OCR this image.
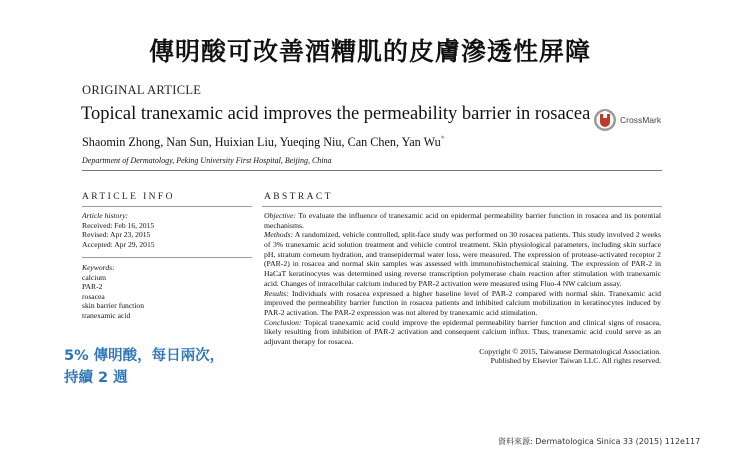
傳明酸可改善酒糟肌的皮膚滲透性屏障
ORIGINAL ARTICLE
Topical tranexamic acid improves the permeability barrier in rosacea	CrossMark
Shaomin Zhong, Nan Sun, Huixian Liu, Yueqing Niu, Can Chen, Yan Wu*
Department of Dermatology, Peking University First Hospital, Beijing, China
ARTICLE INFO	ABSTRACT
Article history:
Received: Feb 16, 2015
Revised: Apr 23, 2015
Accepted: Apr 29, 2015
Keywords:
calcium
PAR-2
rosacea
skin barrier function
tranexamic acid

Objective: To evaluate the influence of tranexamic acid on epidermal permeability barrier function in rosacea and its potential mechanisms.

Methods: A randomized, vehicle controlled, split-face study was performed on 30 rosacea patients. This study involved 2 weeks of 3% tranexamic acid solution treatment and vehicle control treatment. Skin physiological parameters, including skin surface pH, stratum corneum hydration, and transepidermal water loss, were measured. The expression of protease-activated receptor 2 (PAR-2) in rosacea and normal skin samples was assessed with immunohistochemical staining. The expression of PAR-2 in HaCaT keratinocytes was determined using reverse transcription polymerase chain reaction after stimulation with tranexamic acid. Changes of intracellular calcium induced by PAR-2 activation were measured using Fluo-4 NW calcium assay.

Results: Individuals with rosacea expressed a higher baseline level of PAR-2 compared with normal skin. Tranexamic acid improved the permeability barrier function in rosacea patients and inhibited calcium mobilization in keratinocytes induced by PAR-2 activation. The PAR-2 expression was not altered by tranexamic acid stimulation.

Conclusion: Topical tranexamic acid could improve the epidermal permeability barrier function and clinical signs of rosacea, likely resulting from inhibition of PAR-2 activation and consequent calcium influx. Thus, tranexamic acid could serve as an adjuvant therapy for rosacea.

Copyright © 2015, Taiwanese Dermatological Association.

Published by Elsevier Taiwan LLC. All rights reserved.

5% 傳明酸，每日兩次，
持續 2 週
資料來源: Dermatologica Sinica 33 (2015) 112e117
